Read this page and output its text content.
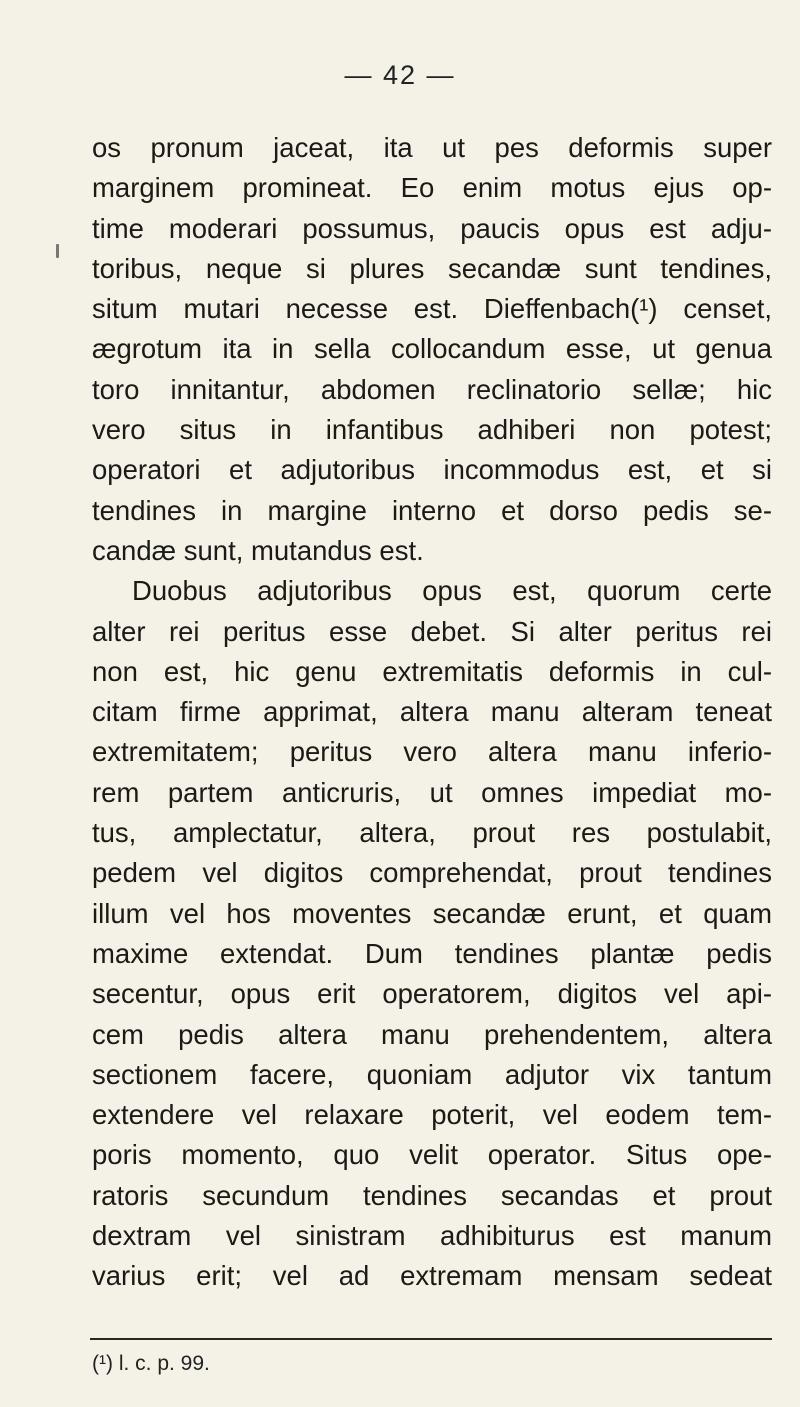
— 42 —
os pronum jaceat, ita ut pes deformis super
marginem promineat. Eo enim motus ejus op-
time moderari possumus, paucis opus est adju-
toribus, neque si plures secandæ sunt tendines,
situm mutari necesse est. Dieffenbach(¹) censet,
ægrotum ita in sella collocandum esse, ut genua
toro innitantur, abdomen reclinatorio sellæ; hic
vero situs in infantibus adhiberi non potest;
operatori et adjutoribus incommodus est, et si
tendines in margine interno et dorso pedis se-
candæ sunt, mutandus est.
Duobus adjutoribus opus est, quorum certe
alter rei peritus esse debet. Si alter peritus rei
non est, hic genu extremitatis deformis in cul-
citam firme apprimat, altera manu alteram teneat
extremitatem; peritus vero altera manu inferio-
rem partem anticruris, ut omnes impediat mo-
tus, amplectatur, altera, prout res postulabit,
pedem vel digitos comprehendat, prout tendines
illum vel hos moventes secandæ erunt, et quam
maxime extendat. Dum tendines plantæ pedis
secentur, opus erit operatorem, digitos vel api-
cem pedis altera manu prehendentem, altera
sectionem facere, quoniam adjutor vix tantum
extendere vel relaxare poterit, vel eodem tem-
poris momento, quo velit operator. Situs ope-
ratoris secundum tendines secandas et prout
dextram vel sinistram adhibiturus est manum
varius erit; vel ad extremam mensam sedeat
(¹) l. c. p. 99.
